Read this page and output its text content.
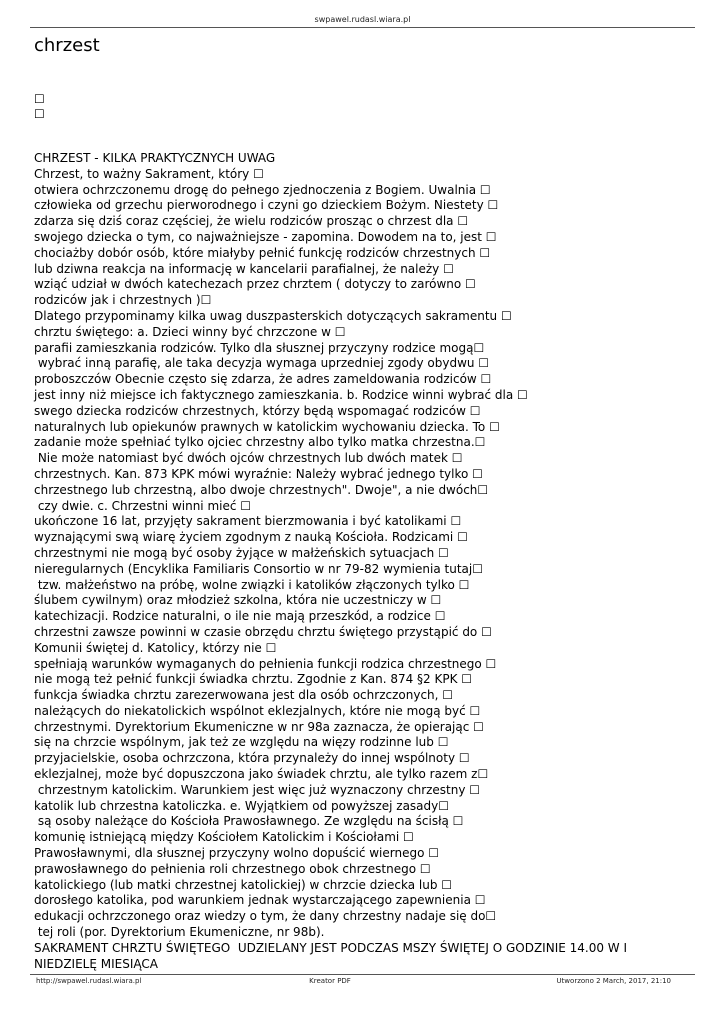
swpawel.rudasl.wiara.pl
chrzest
☐
☐
CHRZEST - KILKA PRAKTYCZNYCH UWAG
Chrzest, to ważny Sakrament, który ☐
otwiera ochrzczonemu drogę do pełnego zjednoczenia z Bogiem. Uwalnia ☐
człowieka od grzechu pierworodnego i czyni go dzieckiem Bożym. Niestety ☐
zdarza się dziś coraz częściej, że wielu rodziców prosząc o chrzest dla ☐
swojego dziecka o tym, co najważniejsze - zapomina. Dowodem na to, jest ☐
chociażby dobór osób, które miałyby pełnić funkcję rodziców chrzestnych ☐
lub dziwna reakcja na informację w kancelarii parafialnej, że należy ☐
wziąć udział w dwóch katechezach przez chrztem ( dotyczy to zarówno ☐
rodziców jak i chrzestnych )☐
Dlatego przypominamy kilka uwag duszpasterskich dotyczących sakramentu ☐
chrztu świętego: a. Dzieci winny być chrzczone w ☐
parafii zamieszkania rodziców. Tylko dla słusznej przyczyny rodzice mogą☐
wybrać inną parafię, ale taka decyzja wymaga uprzedniej zgody obydwu ☐
proboszczów Obecnie często się zdarza, że adres zameldowania rodziców ☐
jest inny niż miejsce ich faktycznego zamieszkania. b. Rodzice winni wybrać dla ☐
swego dziecka rodziców chrzestnych, którzy będą wspomagać rodziców ☐
naturalnych lub opiekunów prawnych w katolickim wychowaniu dziecka. To ☐
zadanie może spełniać tylko ojciec chrzestny albo tylko matka chrzestna.☐
Nie może natomiast być dwóch ojców chrzestnych lub dwóch matek ☐
chrzestnych. Kan. 873 KPK mówi wyraźnie: Należy wybrać jednego tylko ☐
chrzestnego lub chrzestną, albo dwoje chrzestnych". Dwoje", a nie dwóch☐
czy dwie. c. Chrzestni winni mieć ☐
ukończone 16 lat, przyjęty sakrament bierzmowania i być katolikami ☐
wyznającymi swą wiarę życiem zgodnym z nauką Kościoła. Rodzicami ☐
chrzestnymi nie mogą być osoby żyjące w małżeńskich sytuacjach ☐
nieregularnych (Encyklika Familiaris Consortio w nr 79-82 wymienia tutaj☐
tzw. małżeństwo na próbę, wolne związki i katolików złączonych tylko ☐
ślubem cywilnym) oraz młodzież szkolna, która nie uczestniczy w ☐
katechizacji. Rodzice naturalni, o ile nie mają przeszkód, a rodzice ☐
chrzestni zawsze powinni w czasie obrzędu chrztu świętego przystąpić do ☐
Komunii świętej d. Katolicy, którzy nie ☐
spełniają warunków wymaganych do pełnienia funkcji rodzica chrzestnego ☐
nie mogą też pełnić funkcji świadka chrztu. Zgodnie z Kan. 874 §2 KPK ☐
funkcja świadka chrztu zarezerwowana jest dla osób ochrzczonych, ☐
należących do niekatolickich wspólnot eklezjalnych, które nie mogą być ☐
chrzestnymi. Dyrektorium Ekumeniczne w nr 98a zaznacza, że opierając ☐
się na chrzcie wspólnym, jak też ze względu na więzy rodzinne lub ☐
przyjacielskie, osoba ochrzczona, która przynależy do innej wspólnoty ☐
eklezjalnej, może być dopuszczona jako świadek chrztu, ale tylko razem z☐
chrzestnym katolickim. Warunkiem jest więc już wyznaczony chrzestny ☐
katolik lub chrzestna katoliczka. e. Wyjątkiem od powyższej zasady☐
są osoby należące do Kościoła Prawosławnego. Ze względu na ścisłą ☐
komunię istniejącą między Kościołem Katolickim i Kościołami ☐
Prawosławnymi, dla słusznej przyczyny wolno dopuścić wiernego ☐
prawosławnego do pełnienia roli chrzestnego obok chrzestnego ☐
katolickiego (lub matki chrzestnej katolickiej) w chrzcie dziecka lub ☐
dorosłego katolika, pod warunkiem jednak wystarczającego zapewnienia ☐
edukacji ochrzczonego oraz wiedzy o tym, że dany chrzestny nadaje się do☐
tej roli (por. Dyrektorium Ekumeniczne, nr 98b).
SAKRAMENT CHRZTU ŚWIĘTEGO  UDZIELANY JEST PODCZAS MSZY ŚWIĘTEJ O GODZINIE 14.00 W I
NIEDZIELĘ MIESIĄCA
http://swpawel.rudasl.wiara.pl	Kreator PDF	Utworzono 2 March, 2017, 21:10
